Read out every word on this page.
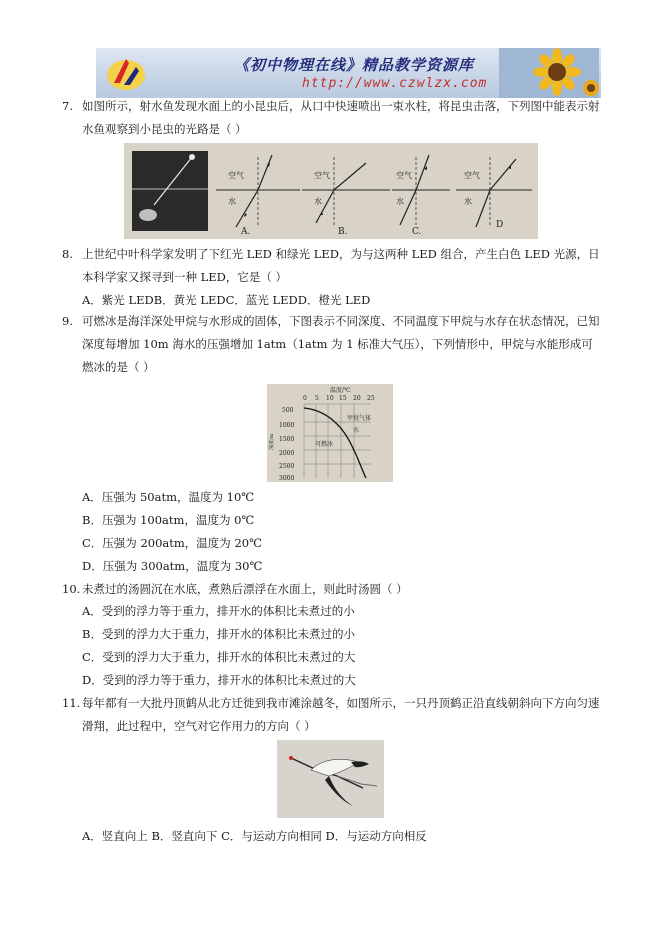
《初中物理在线》精品教学资源库
http://www.czwlzx.com
7. 如图所示，射水鱼发现水面上的小昆虫后，从口中快速喷出一束水柱，将昆虫击落，下列图中能表示射水鱼观察到小昆虫的光路是（ ）
空气
水
A.
空气
水
B.
空气
水
C.
空气
水
D
8. 上世纪中叶科学家发明了下红光 LED 和绿光 LED，为与这两种 LED 组合，产生白色 LED 光源，日本科学家又探寻到一种 LED，它是（ ）
A．紫光 LEDB．黄光 LEDC．蓝光 LEDD．橙光 LED
9. 可燃冰是海洋深处甲烷与水形成的固体，下图表示不同深度、不同温度下甲烷与水存在状态情况，已知深度每增加 10m 海水的压强增加 1atm（1atm 为 1 标准大气压），下列情形中，甲烷与水能形成可燃冰的是（ ）
温度/℃
0 5 10 15 20 25
500
1000
1500
2000
2500
3000
深度/m
甲烷气体
水
可燃冰
A．压强为 50atm，温度为 10℃
B．压强为 100atm，温度为 0℃
C．压强为 200atm，温度为 20℃
D．压强为 300atm，温度为 30℃
10. 未煮过的汤圆沉在水底，煮熟后漂浮在水面上，则此时汤圆（ ）
A．受到的浮力等于重力，排开水的体积比未煮过的小
B．受到的浮力大于重力，排开水的体积比未煮过的小
C．受到的浮力大于重力，排开水的体积比未煮过的大
D．受到的浮力等于重力，排开水的体积比未煮过的大
11. 每年都有一大批丹顶鹤从北方迁徙到我市滩涂越冬，如图所示，一只丹顶鹤正沿直线朝斜向下方向匀速滑翔，此过程中，空气对它作用力的方向（ ）
A．竖直向上 B．竖直向下 C．与运动方向相同 D．与运动方向相反
